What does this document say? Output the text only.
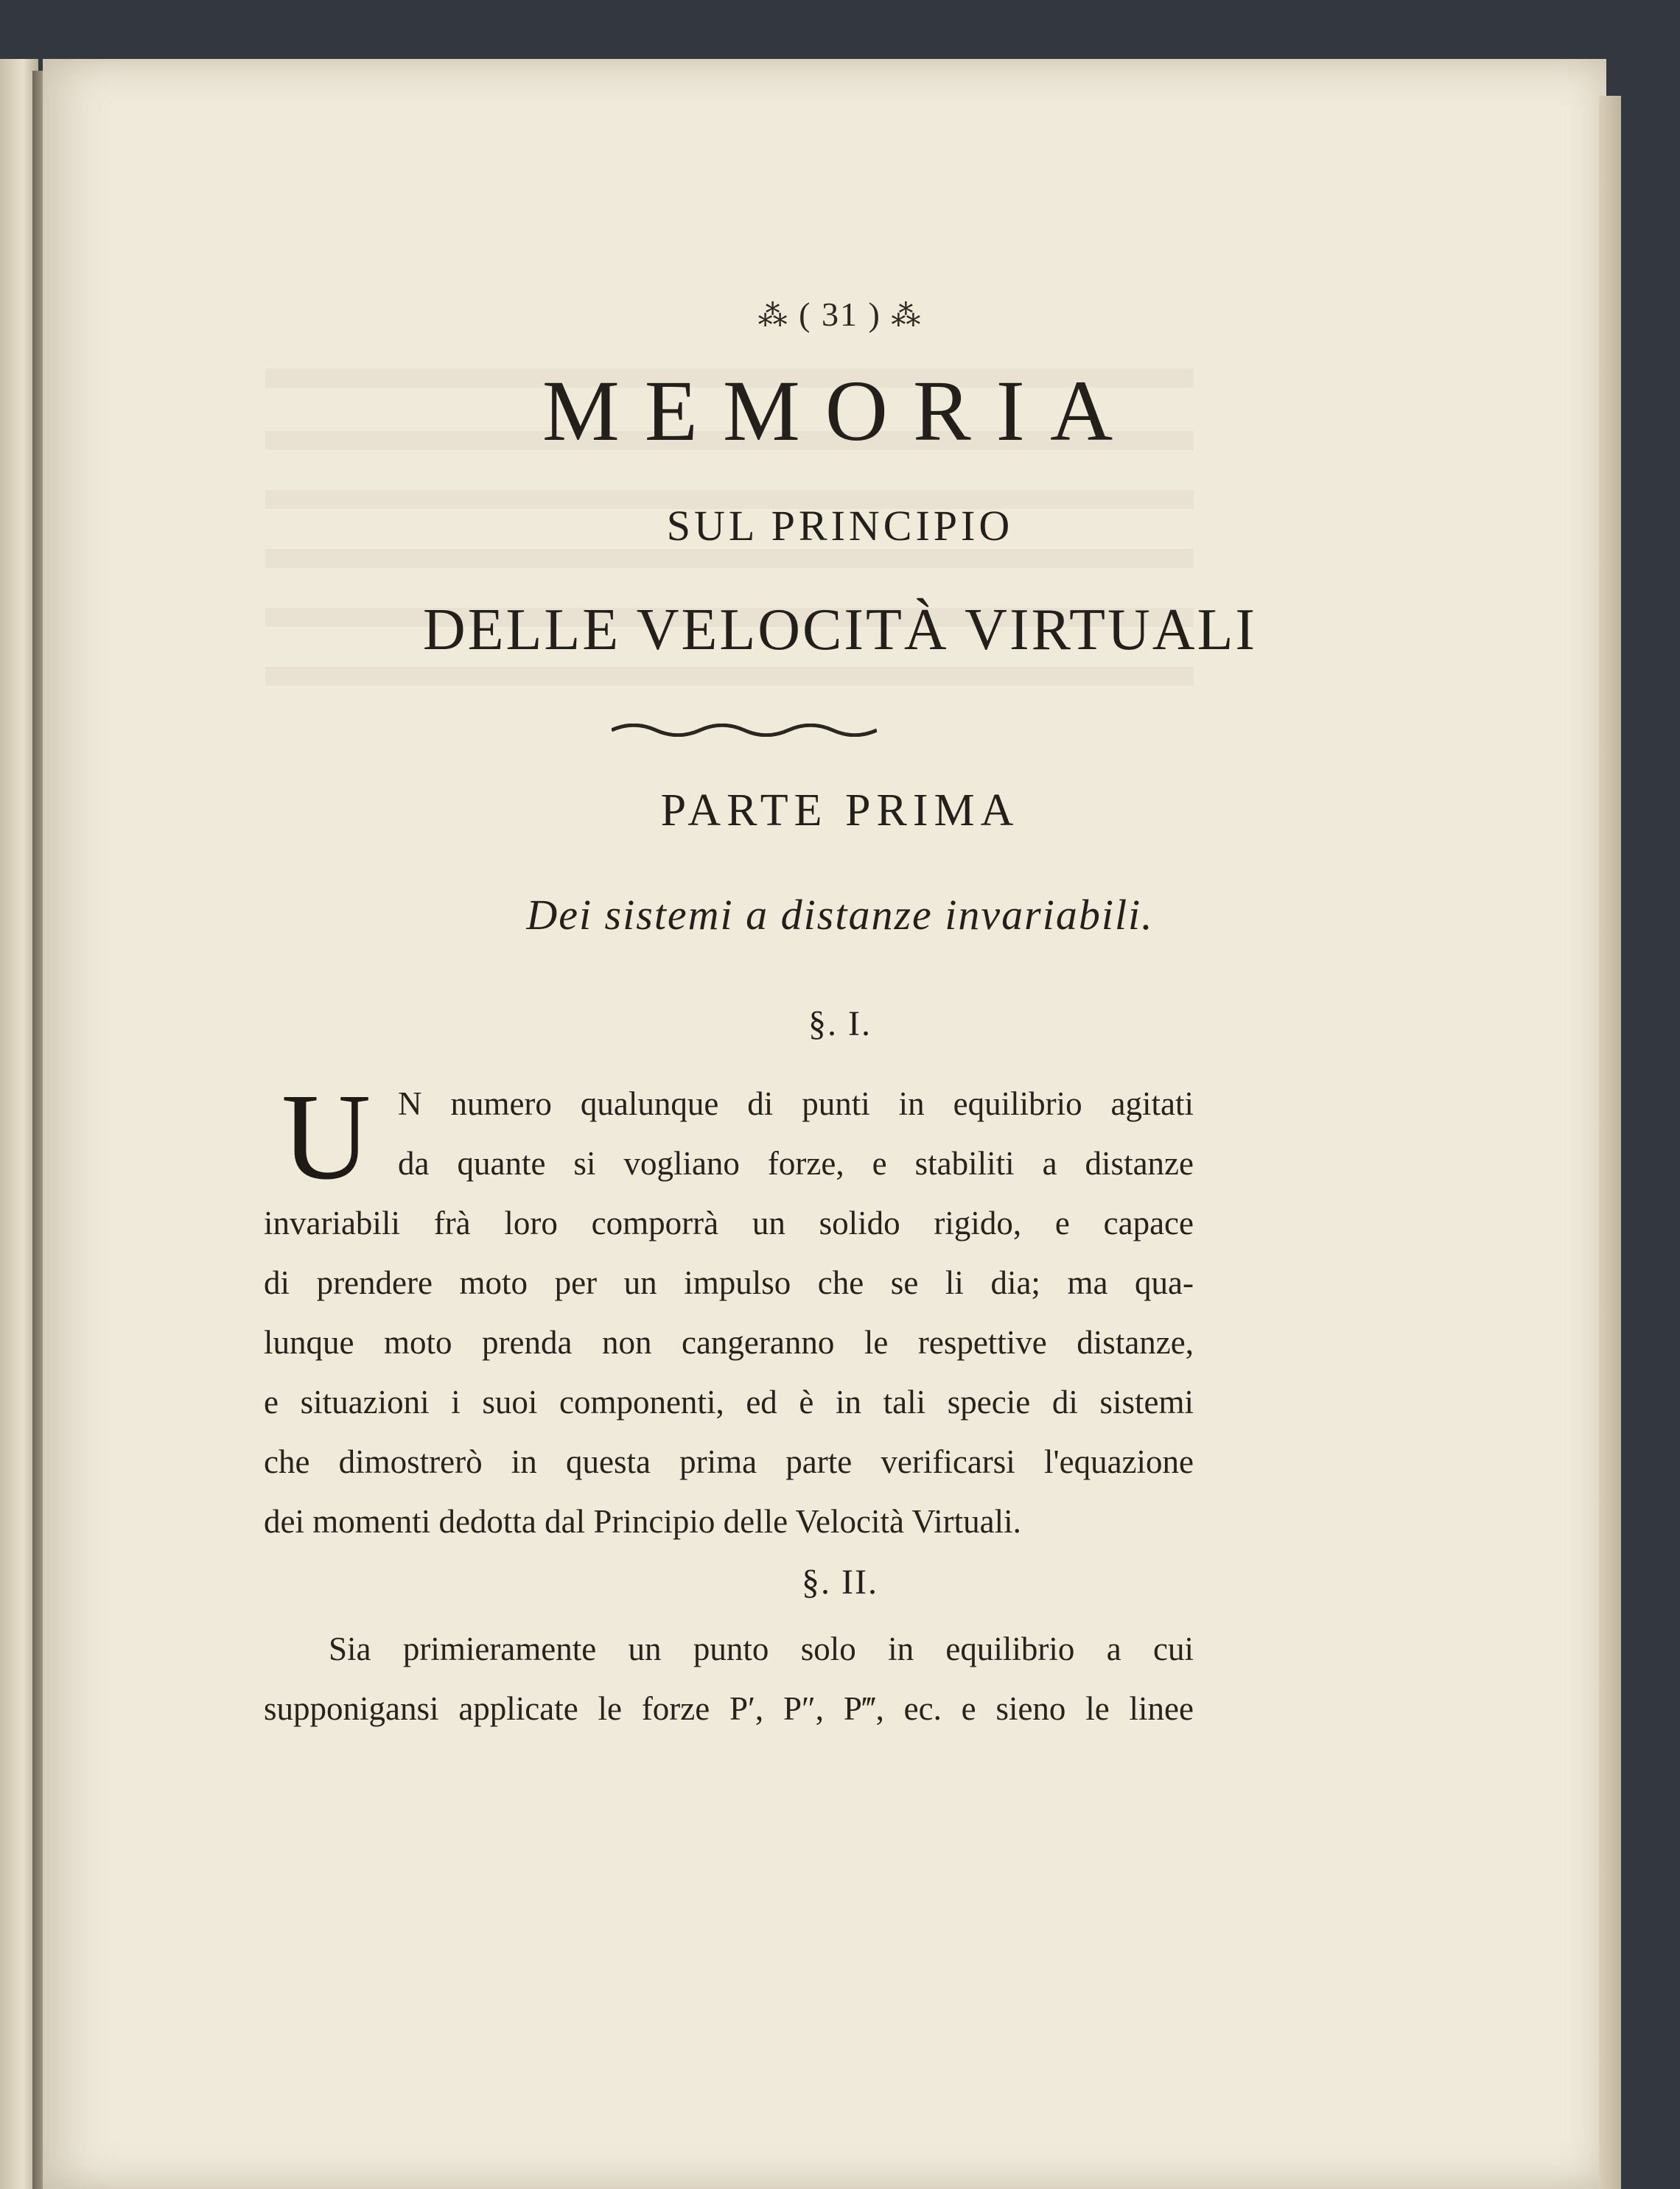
⁂ ( 31 ) ⁂
MEMORIA
SUL PRINCIPIO
DELLE VELOCITÀ VIRTUALI
PARTE PRIMA
Dei sistemi a distanze invariabili.
§. I.
U N numero qualunque di punti in equilibrio agitati
da quante si vogliano forze, e stabiliti a distanze
invariabili frà loro comporrà un solido rigido, e capace
di prendere moto per un impulso che se li dia; ma qua-
lunque moto prenda non cangeranno le respettive distanze,
e situazioni i suoi componenti, ed è in tali specie di sistemi
che dimostrerò in questa prima parte verificarsi l'equazione
dei momenti dedotta dal Principio delle Velocità Virtuali.
§. II.
Sia primieramente un punto solo in equilibrio a cui
supponigansi applicate le forze P′, P″, P‴, ec. e sieno le linee
